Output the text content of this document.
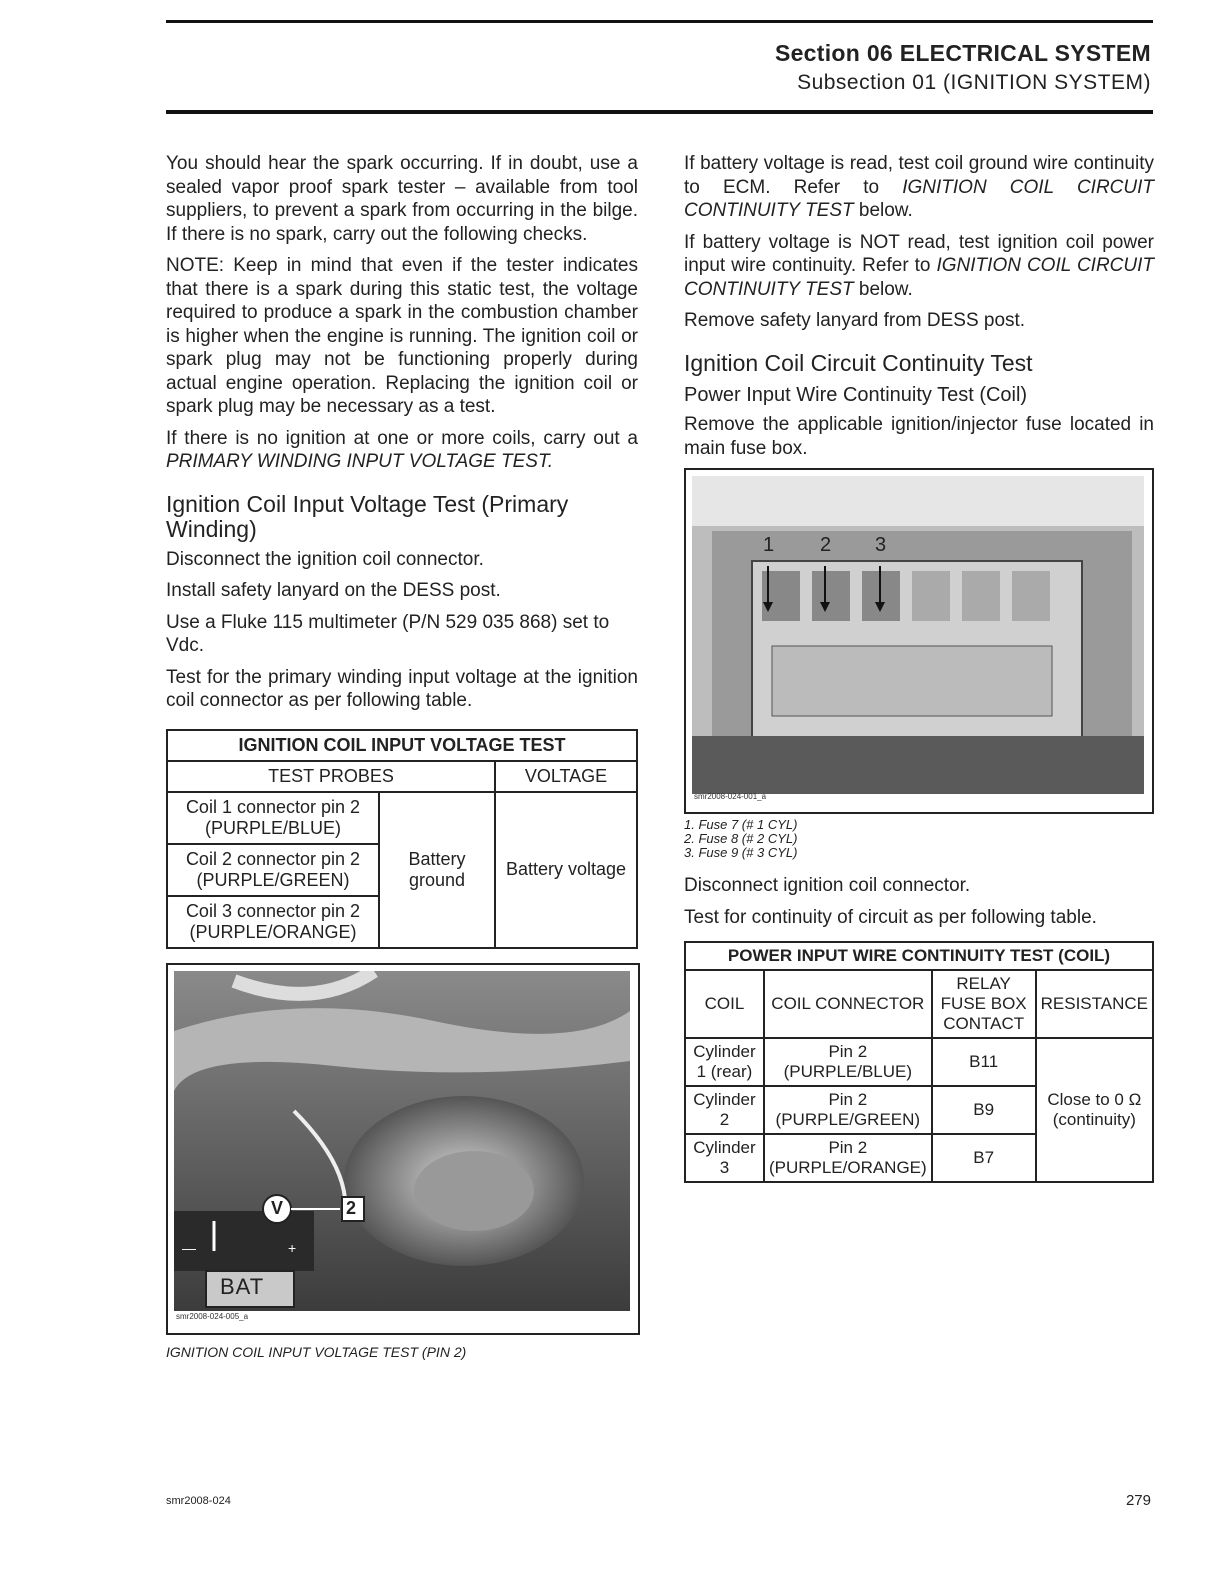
Section 06 ELECTRICAL SYSTEM
Subsection 01 (IGNITION SYSTEM)

You should hear the spark occurring. If in doubt, use a sealed vapor proof spark tester – available from tool suppliers, to prevent a spark from occurring in the bilge. If there is no spark, carry out the following checks.

NOTE: Keep in mind that even if the tester indicates that there is a spark during this static test, the voltage required to produce a spark in the combustion chamber is higher when the engine is running. The ignition coil or spark plug may not be functioning properly during actual engine operation. Replacing the ignition coil or spark plug may be necessary as a test.

If there is no ignition at one or more coils, carry out a PRIMARY WINDING INPUT VOLTAGE TEST.

Ignition Coil Input Voltage Test (Primary Winding)

Disconnect the ignition coil connector.

Install safety lanyard on the DESS post.

Use a Fluke 115 multimeter (P/N 529 035 868) set to Vdc.

Test for the primary winding input voltage at the ignition coil connector as per following table.

IGNITION COIL INPUT VOLTAGE TEST		
TEST PROBES		VOLTAGE
Coil 1 connector pin 2 (PURPLE/BLUE)	Battery ground	Battery voltage
Coil 2 connector pin 2 (PURPLE/GREEN)		
Coil 3 connector pin 2 (PURPLE/ORANGE)		
V	2
—	+
BAT
smr2008-024-005_a
IGNITION COIL INPUT VOLTAGE TEST (PIN 2)

If battery voltage is read, test coil ground wire continuity to ECM. Refer to IGNITION COIL CIRCUIT CONTINUITY TEST below.

If battery voltage is NOT read, test ignition coil power input wire continuity. Refer to IGNITION COIL CIRCUIT CONTINUITY TEST below.

Remove safety lanyard from DESS post.

Ignition Coil Circuit Continuity Test
Power Input Wire Continuity Test (Coil)

Remove the applicable ignition/injector fuse located in main fuse box.

1 2 3
smr2008-024-001_a
1. Fuse 7 (# 1 CYL)
2. Fuse 8 (# 2 CYL)
3. Fuse 9 (# 3 CYL)

Disconnect ignition coil connector.

Test for continuity of circuit as per following table.

POWER INPUT WIRE CONTINUITY TEST (COIL)			
COIL	COIL CONNECTOR	RELAY FUSE BOX CONTACT	RESISTANCE
Cylinder 1 (rear)	Pin 2 (PURPLE/BLUE)	B11	Close to 0 Ω (continuity)
Cylinder 2	Pin 2 (PURPLE/GREEN)	B9	
Cylinder 3	Pin 2 (PURPLE/ORANGE)	B7	
smr2008-024	279
